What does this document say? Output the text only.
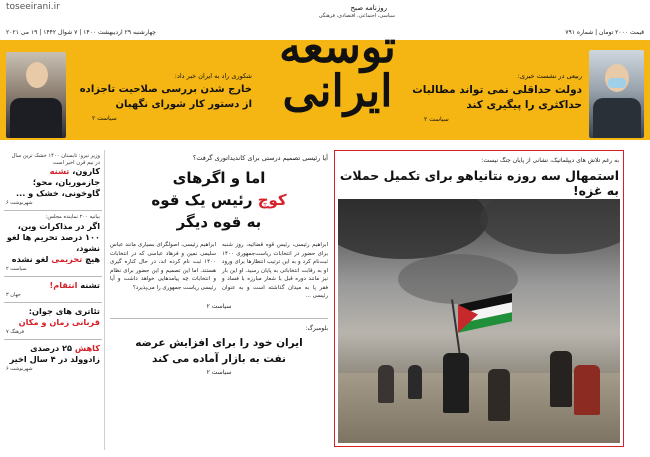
toseeirani.ir
چهارشنبه ۲۹ اردیبهشت ۱۴۰۰ | ۷ شوال ۱۴۴۲ | ۱۹ می ۲۰۲۱	قیمت ۲۰۰۰ تومان | شماره ۷۹۱
روزنامه صبح
سیاسی، اجتماعی، اقتصادی، فرهنگی
توسعه ایرانی	ربیعی در نشست خبری:
دولت حداقلی نمی تواند مطالبات
حداکثری را پیگیری کند
سیاست ۲
شکوری راد به ایران خبر داد:
خارج شدن بررسی صلاحیت تاجزاده
از دستور کار شورای نگهبان
سیاست ۲
وزیر نیرو: تابستان ۱۴۰۰ خشک ترین سال در نیم قرن اخیر است
کارون، تشنه
جازموریان، محو؛
گاوخونی، خشک و ...
شهرنوشت ۶
بیانیه ۲۰۰ نماینده مجلس:
اگر در مذاکرات وین،
۱۰۰ درصد تحریم ها لغو نشود،
هیچ تحریمی لغو نشده
سیاست ۲
تشنه انتقام!
جهان ۳
تئاتری های جوان:
قربانی زمان و مکان
فرهنگ ۷
کاهش ۲۵ درصدی
زادوولد در ۴ سال اخیر
شهرنوشت ۶
آیا رئیسی تصمیم درستی برای کاندیداتوری گرفت؟
اما و اگرهای
کوچ رئیس یک قوه
به قوه دیگر
ابراهیم رئیسی، رئیس قوه قضائیه، روز شنبه برای حضور در انتخابات ریاست‌جمهوری ۱۴۰۰ ثبت‌نام کرد و به این ترتیب انتظارها برای ورود او به رقابت انتخاباتی به پایان رسید. او این بار نیز مانند دوره قبل با شعار مبارزه با فساد و فقر پا به میدان گذاشته است و به عنوان رئیسی ...
ابراهیم رئیسی، اصولگرای بسیاری مانند عباس سلیمی نمین و فرهاد عباسی که در انتخابات ۱۴۰۰ ثبت نام کرده اند، در حال کناره گیری هستند. اما این تصمیم و این حضور برای نظام و انتخابات چه پیامدهایی خواهد داشت و آیا رئیسی ریاست جمهوری را می‌پذیرد؟
سیاست ۲
بلومبرگ:
ایران خود را برای افزایش عرضه
نفت به بازار آماده می کند
سیاست ۲
به رغم تلاش های دیپلماتیک، نشانی از پایان جنگ نیست:
استمهال سه روزه نتانیاهو برای تکمیل حملات به غزه!
